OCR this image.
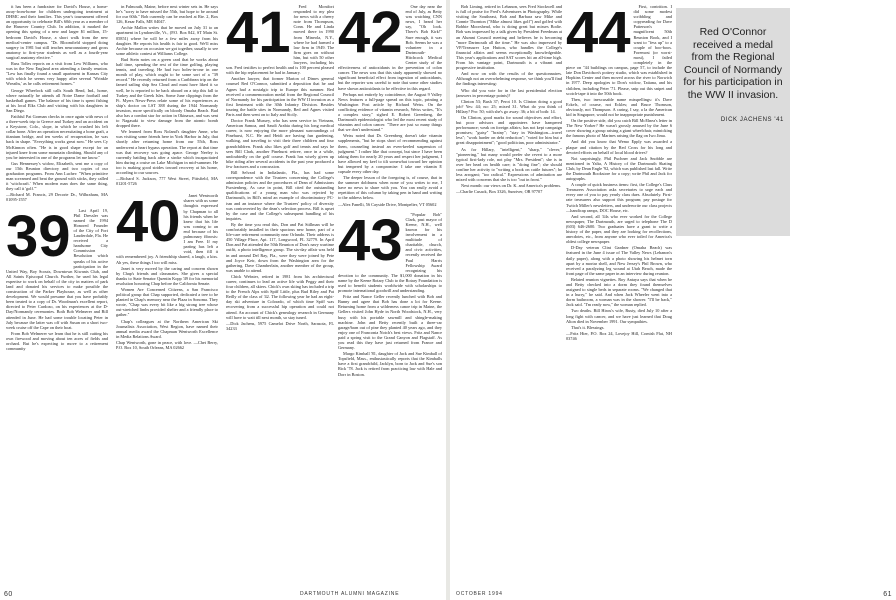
it has been a fundraiser for David's House, a home-away-from-home for children undergoing treatment at DHMC and their families. This year's tournament offered an opportunity to celebrate Bill's 60th year as a member of the Hanover Country Club. In addition, it marked the opening this spring of a new and larger $1 million, 15-bedroom David's House, a short walk from the new medical-center campus. "Dr. Bloomfield stopped doing surgery in 1981 but still teaches neuroanatomy and gross anatomy to first-year students as well as a fourth-year surgical anatomy elective."

Russ Tolles reports on a visit from Lew Williams, who was in the New England area attending a family reunion. "Lew has finally found a small apartment in Kansas City with which he seems very happy after several 'Wrinkle Wreaths,' as he calls retirement homes."

George Wheelock still calls South Bend, Ind., home, where naturally he attends all Notre Dame football and basketball games. The balance of his time is spent fishing at his local Elks Club and visiting with his daughters in San Diego.

Faithful Pat Gorman checks in once again with news of a three-week trip to Greece and Turkey and an accident on a Keystone, Colo., slope, in which he crushed his left collar bone. After an operation necessitating a bone graft, a titanium bridge, and ten weeks of recuperation, he was back in shape. "Everything works great now." He sees Cy McKinnon often. "He is in good shape except for an injured knee from some mountain climbing. Should any of you be interested in one of the programs let me know."

Gus Hennessey's widow, Elizabeth, sent me a copy of our 15th Reunion directory and two copies of our graduation programs. From Ann Lucher: "When primitive man screamed and beat the ground with sticks, they called it 'witchcraft.' When modern man does the same thing, they call it 'golf.'"

—Richard M. Francis, 29 Decorie Dr., Wilbraham, MA 01095-1557

39	Last April 19, Phil Dressler was named the 1994 Honored Founder of the City of Fort Lauderdale, Fla. He received a handsome City Commission Resolution which speaks of his active participation in the United Way, Boy Scouts, Downtown Kiwanis Club, and All Saints Episcopal Church. Further, he used his legal expertise to work on behalf of the city in matters of park land and donated his services to make possible the construction of the Parker Playhouse, as well as other development. We would presume that you have probably been treated to a copy of Dr. Woodman's excellent report, directed to Peter Cardozo, on his experiences at the D-Day/Normandy ceremonies. Both Bob Welmerer and Bill attended in June. He had some trouble locating Peter in July because the latter was off with Susan on a short two-week cruise off the Cape on their boat.

From Bob Welmerer we learn that he is still cutting his own firewood and moving about ten acres of fields and orchard. But he's expecting to move to a retirement community

in Falmouth, Maine, before next winter sets in. He says he's "sorry to have missed the 55th, but hope to be around for our 60th." Bob currently can be reached at Rte. 2, Box 126, Kezar Falls, ME 04047.

Archie Mallon writes that he moved on July 31 to an apartment in Lyndonville, Vt., (P.O. Box 842, ST Main St. 05851) where he will be a few miles away from his daughter. He reports his health is fair to good. We'll miss Archie because on occasion we got together, usually to see some athletic contest at Williams College.

Bud Stein notes on a green card that he works about half time, spending the rest of the time golfing, playing tennis, and traveling. He had two holes-in-one in one month of play, which ought to be some sort of a "39 record." He recently returned from a Caribbean trip on the famed sailing ship Sea Cloud and must have liked it so well, he is reported to be back aboard on a trip this fall to Turkey and the Greek Isles. Some June clippings from the Ft. Myers News-Press relate some of his experiences as ship's doctor on LST 388 during the 1944 Normandy invasion, more specifically on bloody Omaha Beach. Bud also has a combat star for action in Okinawa, and was sent to Nagasaki to view damage from the atomic bomb dropped there.

We learned from Ross Noland's daughter Anne, who was visiting some friends here in York Harbor in July, that shortly after returning home from our 55th, Ross underwent a heart bypass operation. The report at that time was that recovery was going apace. George Neeley is currently battling back after a stroke which incapacitated him during a cruise on Lake Michigan in mid-summer. He too is making good strides toward recovery at his home, according to our sources.

—Richard S. Jackson, 777 West Street, Pittsfield, MA 01201-5726

40	Janet Wentworth shares with us some thoughts expressed by Chapman to all his friends when he knew that his life was coming to an end because of his pulmonary fibrosis: I am Free. If my parting has left a void, then fill it with remembered joy. A friendship shared, a laugh, a kiss. Ah yes, these things I too will miss.

Janet is very moved by the caring and concern shown by Chap's friends and classmates. She gives a special thanks to State Senator Quentin Kopp '49 for his memorial resolution honoring Chap before the California Senate.

Women Are Concerned Citizens, a San Francisco political group that Chap supported, dedicated a tree to be planted in Chap's memory near the Plaza in Sonoma. They wrote, "Chap was every bit like a big strong tree whose out-stretched limbs provided shelter and a friendly place to gather."

Chap's colleagues at the Northern American Ski Journalists Association, West Region, have named their annual media award the Chapman Wentworth Excellence in Media Relations Award.

Chap Wentworth, gone in peace, with love. —Chet Berry, P.O. Box 10, South Orleans, MA 02662

41	Fred Montfort responded to my plea for news with a cheery note from Thompson, Conn. He and Linda moved there in 1990 from Mineola, N.Y., where he had farmed a law firm in 1949. The firm goes on without him, but with 50 other lawyers, including his son. Fred testifies to perfect health and is 100 percent pleased with the hip replacement he had in January.

Another lawyer, that former Marion of Dimes general counsel Red O'Connor, submitted a deposition that he and Agnes had a nostalgic trip to Europe this summer. Red received a commemoration medal from the Regional Council of Normandy for his participation in the WW II invasion as a first lieutenant with the 30th Infantry Division. Besides touring the battle sites in Normandy, Red and Agnes visited Paris and then went on to Italy and Sicily.

Doctor Frank Mussey, who has seen service in Vietnam, American Samoa, and Saudi Arabia during his long medical career, is now enjoying the more pleasant surroundings of Pinehurst, N.C. He and Heidi are having fun gardening, walking, and traveling to visit their three children and four grandchildren. Frank also likes golf and tennis and says he sees Bill Clark, another Pinehurst retiree, once in a while, undoubtedly on the golf course. Frank has wisely given up bike riding after several accidents in the past year produced a few fractures and a concussion.

Bill Selvard in Indialantic, Fla., has had some correspondence with the Trustees concerning the College's admission policies and the procedures of Dean of Admissions Furstenberg. As case in point, Bill cited the outstanding qualifications of a young man who was rejected by Dartmouth, in Bill's mind an example of discriminatory PC-ism and an instance where the Trustees' policy of diversity was controverted by the dean's selection process. Bill is upset by the case and the College's subsequent handling of his inquiries.

By the time you read this, Don and Pat Stillman will be comfortably installed in their spacious new home, part of a life-care retirement community near Orlando. Their address is 450 Village Place, Apt. 117, Longwood, FL 32779. In April Don and Pat attended the 50th Reunion of Don's navy wartime outfit, a photo intelligence group. The six-day affair was held in and around Del Ray, Fla., were they were joined by Pete and Joyce Keir, down from the Washington area for the gathering. Dave Chamberlain, another member of the group, was unable to attend.

Chick Webster, retired in 1981 from his architectural career, continues to lead an active life with Peggy and their four children, all skiers. Chick's own skiing has included a trip to the French Alps with Spiff Little, plus Bud Riley and Pat Reilly of the class of '42. The following year he had an eight-day ski adventure in Colorado, of which time Spiff was recovering from a successful hip operation and could not attend. An account of Chick's genealogy research in Germany will have to wait till next month, so stay tuned.

—Dick Jachens, 5975 Camelot Drive North, Sarasota, FL 34233

42	One day near the end of July, as Betty was watching CNN news, I heard her say, "Oh look. There's Bob Kirk!" Sure enough, it was Bob. Seems he was a volunteer in a Dartmouth-Hitchcock Medical Center study of the effectiveness of antioxidants in the prevention of colon cancer. The news was that this study apparently showed no significant beneficial effect from ingestion of antioxidants, but the reporter was careful to note that some other studies have shown antioxidants to be effective in this regard.

Perhaps not entirely by coincidence, the August 9 Valley News features a full-page spread on this topic, printing a Washington Post article by Richard Weiss. On the conflicting evidence of vitamin research, Weiss writes, "It's a complex story," sighed E. Robert Greenberg, the Dartmouth epidemiologist who led the most recent study of vitamins and colon cancer. "There are just so many things that we don't understand."

Weiss noted that Dr. Greenberg doesn't take vitamin supplements, "but he stops short of recommending against them, counseling instead an even-keeled suspension of judgment." I rather like that concept, but since I have been taking them for nearly 20 years and respect her judgment, I have allowed my keel to tilt somewhat toward her opinion but tempered by a compromise: I take one vitamin E capsule every other day.

The deeper lesson of the foregoing is, of course, that in the summer doldrums when none of you writes to me, I have no news to share with you. You can easily avoid a repetition of this column by taking pen in hand and writing to the address below.

—Alex Fanelli, 56 Cayside Drive, Montpelier, VT 05602

43	"Popular Bob" Clark, past mayor of Keene, N.H., well known for his involvement in a multitude of charitable, church, and civic activities, recently received the Paul Harris Fellowship Award recognizing his devotion to the community. The $1,000 donation in his name by the Keene Rotary Club to the Rotary Foundation is used to benefit students worldwide with scholarships to promote international goodwill and understanding.

Fritz and Nance Geller recently lunched with Bob and Bunny and agree that Bob has done a lot for Keene. Returning home from a wilderness canoe trip in Maine, the Gellers visited John Hyde in North Woodstock, N.H., very busy with his portable sawmill and shingle-making machine. John and Betty recently built a three-car garage/barn out of pine they planted 40 years ago, and they enjoy one of Franconia Notch's best views. Fritz and Nance paid a spring visit to the Grand Canyon and Flagstaff. As you read this they have just returned from France and Germany.

Margo Kimball '81, daughter of Jack and Sue Kimball of Topsfield, Mass., enthusiastically reports that the Kimballs have a first grandchild, Jacklyn, born to Jack and Sue's son Rick '78. Jack is retired from practicing law with Hale and Dorr in Boston.

60	DARTMOUTH ALUMNI MAGAZINE

Bob Liming, retired in Lebanon, sees Fred Stockwell and is full of praise for Fred's Adventures in Photography. While visiting the Southeast, Bob and Barbara saw Mike and Connie Thornton ("Mike almost likes golf") and golfed with Bobbie Moorshead, who is doing great but misses Bodie. Bob was impressed by a talk given by President Freedman at an Alumni Council meeting and believes he is becoming "more Dartmouth all the time." He was also impressed by VP/Treasurer Lyn Hutton, who handles the College's financial affairs and seems exceptionally knowledgeable. This year's applications and SAT scores hit an all-time high. From his vantage point, Dartmouth is a vibrant and progressive institution.

And now on with the results of the questionnaires. Although not an overwhelming response, we think you'll find the findings interesting:

Who did you vote for in the last presidential election (answers in percentage points)?

Clinton 53; Bush 37; Perot 10. Is Clinton doing a good job? Yes: 44; no: 25; mixed 31. What do you think of Hillary? Pro: 50; with she's go away: 36; a bit of both: 14.

On Clinton, good marks for sound objectives and effort, but poor advisors and appointees have hampered performance; weak on foreign affairs; has not kept campaign promises; "gutsy" "brainy"; "stay in Washington—travel less"; "work harder on debt reduction"; "voted for him but a great disappointment"; "good politician, poor administrator."

As for Hillary, "intelligent," "sharp," "clever," "pioneering," but many would prefer she revert to a more typical first-lady role, not play "Mrs. President"; she is in over her head on health care; is "doing fine"; she should confine her activity to "writing a book on cattle futures"; be less arrogant; "too radical." Expressions of admiration are mixed with concerns that she is too "out in front."

Next month: our views on Dr. K. and America's problems.

—Charlie Cusack, Box 3326, Sunriver, OR 97707

44	First, contrition. I did some modest scribbling and copyreading for Dave Patterson's magnificent 50th Reunion Book, and I want to "fess up" to a couple of boo-boos. Foremost (or worst-most), I failed completely in the piece on "44 buildings on campus, page 57, to include the late Don Davidson's pottery studio, which was established in Hopkins Center and then moved across the river to Norwich in 1977. Deep apologies to Don's widow, Tatiana, and his children, including Peter '71. Please, snip out this snipet and scotch-tape it into the 50th book.

Then, two inexcusable name misspellings: it's Dave Eckels, of course, not Eckles; and Bruce Thomson, obviously, not Thompson. A caring, I say, a la the American kid in Singapore, would not be inappropriate punishment.

On the positive side, did you catch Bill McElnea's letter in The New Yorker? He wasn't grossly amused by the June 6 cover showing a group raising a giant wheelchair, mimicking the famous photo of Marines raising the flag on Iwo Jima.

And did you know that Wemo Epply was awarded a plaque and citation by the Red Cross for his long and devoted efforts on behalf of local blood drives?

Not surprisingly, Phil Puchner and Jack Snobble are mentioned in Yalta, A History of the Dartmouth Skating Club, by Dean Engle '92, which was published last fall. Write the Dartmouth Bookstore for a copy; write Phil and Jack for autographs.

A couple of quick business items: first, the College's Class Treasurers Association asks secretaries to urge each and every one of you to pay yearly class dues. Absolutely. First-rate treasurers also support this program; pay postage for Twitch Miller's newsletters, and underwrite our class projects—handicap ramps, DOC House, etc.

And second, all '44s who ever worked for the College newspaper, The Dartmouth, are urged to telephone The D (603) 646-2600. Two graduates have a grant to write a history of the paper, and they are looking for recollections, anecdotes, etc., from anyone who ever toiled for America's oldest college newspaper.

D-Day veteran Clint Gardner (Omaha Beach) was featured in the June 4 issue of The Valley News (Lebanon's daily paper), along with a photo showing his helmet torn apart by a mortar shell, and New Jersey's Phil Brown, who received a paralyzing leg wound at Utah Beach, made the front page of the same paper in an interview during reunion.

Belated reunion vignettes. Roy Antaya says that when he and Betty checked into a dorm they found themselves assigned to single beds in separate rooms. "We changed that in a hurry," he said. And when Jack Wheeler went into a dorm bathroom, a woman was in the shower. "I'll be back," Jack said. "I'm ready now," the woman replied.

Two deaths. Bill Hirou's wife, Rusty, died July 10 after a long fight with cancer, and we have just learned that Doug Alton died in November 1991. Our sympathies.

That's it. Blessings.

—Fritz Hier, P.O. Box 24, Lovejoy Hill, Cornish Flat, NH 03746

OCTOBER 1994	61
Red O'Connor received a medal from the Regional Council of Normandy for his participation in the WW II invasion.
DICK JACHENS '41
